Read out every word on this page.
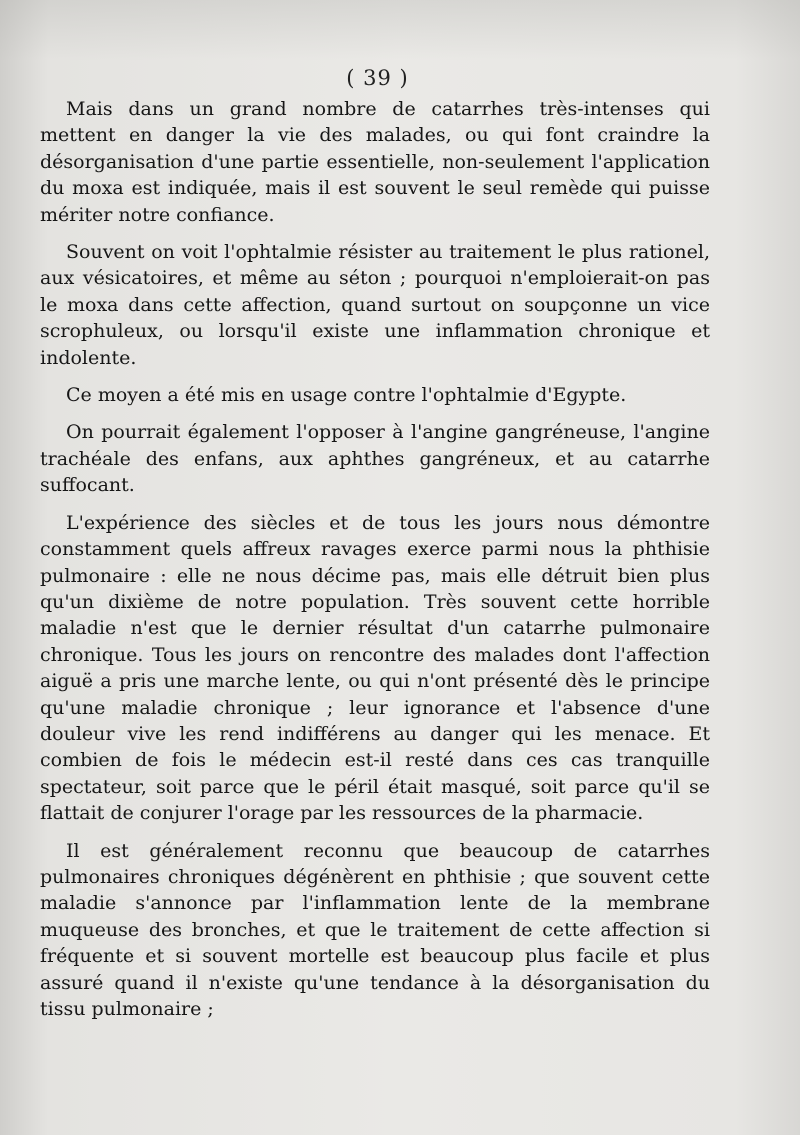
( 39 )

Mais dans un grand nombre de catarrhes très-intenses qui mettent en danger la vie des malades, ou qui font craindre la désorganisation d'une partie essentielle, non-seulement l'application du moxa est indiquée, mais il est souvent le seul remède qui puisse mériter notre confiance.

Souvent on voit l'ophtalmie résister au traitement le plus rationel, aux vésicatoires, et même au séton ; pourquoi n'emploierait-on pas le moxa dans cette affection, quand surtout on soupçonne un vice scrophuleux, ou lorsqu'il existe une inflammation chronique et indolente.

Ce moyen a été mis en usage contre l'ophtalmie d'Egypte.

On pourrait également l'opposer à l'angine gangréneuse, l'angine trachéale des enfans, aux aphthes gangréneux, et au catarrhe suffocant.

L'expérience des siècles et de tous les jours nous démontre constamment quels affreux ravages exerce parmi nous la phthisie pulmonaire : elle ne nous décime pas, mais elle détruit bien plus qu'un dixième de notre population. Très souvent cette horrible maladie n'est que le dernier résultat d'un catarrhe pulmonaire chronique. Tous les jours on rencontre des malades dont l'affection aiguë a pris une marche lente, ou qui n'ont présenté dès le principe qu'une maladie chronique ; leur ignorance et l'absence d'une douleur vive les rend indifférens au danger qui les menace. Et combien de fois le médecin est-il resté dans ces cas tranquille spectateur, soit parce que le péril était masqué, soit parce qu'il se flattait de conjurer l'orage par les ressources de la pharmacie.

Il est généralement reconnu que beaucoup de catarrhes pulmonaires chroniques dégénèrent en phthisie ; que souvent cette maladie s'annonce par l'inflammation lente de la membrane muqueuse des bronches, et que le traitement de cette affection si fréquente et si souvent mortelle est beaucoup plus facile et plus assuré quand il n'existe qu'une tendance à la désorganisation du tissu pulmonaire ;
